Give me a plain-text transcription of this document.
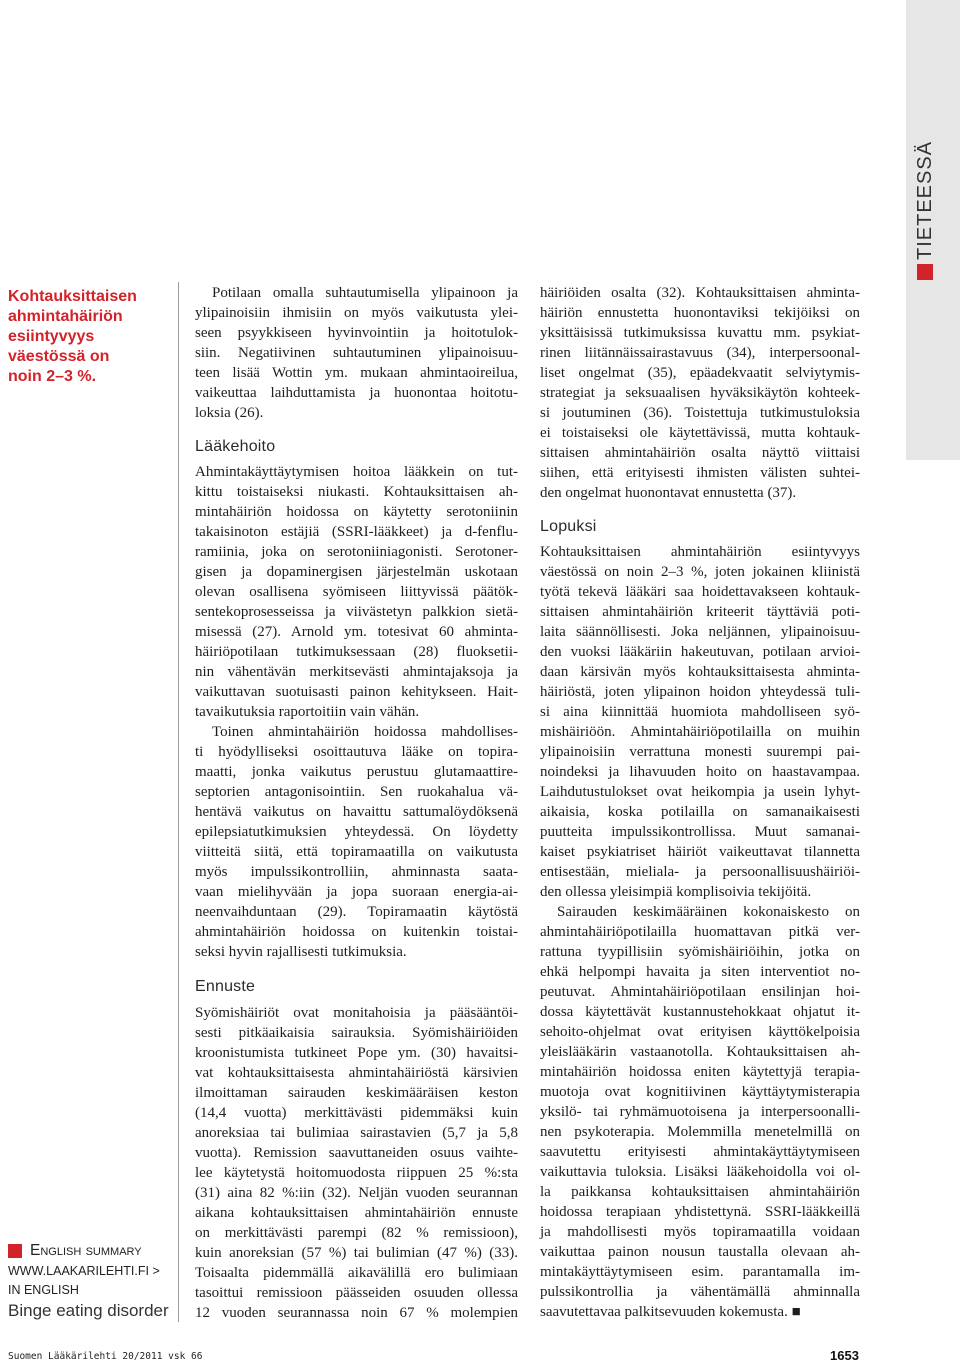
TIETEESSÄ
Kohtauksittaisen
ahmintahäiriön
esiintyvyys
väestössä on
noin 2–3 %.
Potilaan omalla suhtautumisella ylipainoon ja
ylipainoisiin ihmisiin on myös vaikutusta ylei-
seen psyykkiseen hyvinvointiin ja hoitotulok-
siin. Negatiivinen suhtautuminen ylipainoisuu-
teen lisää Wottin ym. mukaan ahmintaoireilua,
vaikeuttaa laihduttamista ja huonontaa hoitotu-
loksia (26).
Lääkehoito
Ahmintakäyttäytymisen hoitoa lääkkein on tut-
kittu toistaiseksi niukasti. Kohtauksittaisen ah-
mintahäiriön hoidossa on käytetty serotoniinin
takaisinoton estäjiä (SSRI-lääkkeet) ja d-fenflu-
ramiinia, joka on serotoniiniagonisti. Serotoner-
gisen ja dopaminergisen järjestelmän uskotaan
olevan osallisena syömiseen liittyvissä päätök-
sentekoprosesseissa ja viivästetyn palkkion sietä-
misessä (27). Arnold ym. totesivat 60 ahminta-
häiriöpotilaan tutkimuksessaan (28) fluoksetii-
nin vähentävän merkitsevästi ahmintajaksoja ja
vaikuttavan suotuisasti painon kehitykseen. Hait-
tavaikutuksia raportoitiin vain vähän.
Toinen ahmintahäiriön hoidossa mahdollises-
ti hyödylliseksi osoittautuva lääke on topira-
maatti, jonka vaikutus perustuu glutamaattire-
septorien antagonisointiin. Sen ruokahalua vä-
hentävä vaikutus on havaittu sattumalöydöksenä
epilepsiatutkimuksien yhteydessä. On löydetty
viitteitä siitä, että topiramaatilla on vaikutusta
myös impulssikontrolliin, ahminnasta saata-
vaan mielihyvään ja jopa suoraan energia-ai-
neenvaihduntaan (29). Topiramaatin käytöstä
ahmintahäiriön hoidossa on kuitenkin toistai-
seksi hyvin rajallisesti tutkimuksia.
Ennuste
Syömishäiriöt ovat monitahoisia ja pääsääntöi-
sesti pitkäaikaisia sairauksia. Syömishäiriöiden
kroonistumista tutkineet Pope ym. (30) havaitsi-
vat kohtauksittaisesta ahmintahäiriöstä kärsivien
ilmoittaman sairauden keskimääräisen keston
(14,4 vuotta) merkittävästi pidemmäksi kuin
anoreksiaa tai bulimiaa sairastavien (5,7 ja 5,8
vuotta). Remission saavuttaneiden osuus vaihte-
lee käytetystä hoitomuodosta riippuen 25 %:sta
(31) aina 82 %:iin (32). Neljän vuoden seurannan
aikana kohtauksittaisen ahmintahäiriön ennuste
on merkittävästi parempi (82 % remissioon),
kuin anoreksian (57 %) tai bulimian (47 %) (33).
Toisaalta pidemmällä aikavälillä ero bulimiaan
tasoittui remissioon päässeiden osuuden ollessa
12 vuoden seurannassa noin 67 % molempien
häiriöiden osalta (32). Kohtauksittaisen ahminta-
häiriön ennustetta huonontaviksi tekijöiksi on
yksittäisissä tutkimuksissa kuvattu mm. psykiat-
rinen liitännäissairastavuus (34), interpersoonal-
liset ongelmat (35), epäadekvaatit selviytymis-
strategiat ja seksuaalisen hyväksikäytön kohteek-
si joutuminen (36). Toistettuja tutkimustuloksia
ei toistaiseksi ole käytettävissä, mutta kohtauk-
sittaisen ahmintahäiriön osalta näyttö viittaisi
siihen, että erityisesti ihmisten välisten suhtei-
den ongelmat huonontavat ennustetta (37).
Lopuksi
Kohtauksittaisen ahmintahäiriön esiintyvyys
väestössä on noin 2–3 %, joten jokainen kliinistä
työtä tekevä lääkäri saa hoidettavakseen kohtauk-
sittaisen ahmintahäiriön kriteerit täyttäviä poti-
laita säännöllisesti. Joka neljännen, ylipainoisuu-
den vuoksi lääkäriin hakeutuvan, potilaan arvioi-
daan kärsivän myös kohtauksittaisesta ahminta-
häiriöstä, joten ylipainon hoidon yhteydessä tuli-
si aina kiinnittää huomiota mahdolliseen syö-
mishäiriöön. Ahmintahäiriöpotilailla on muihin
ylipainoisiin verrattuna monesti suurempi pai-
noindeksi ja lihavuuden hoito on haastavampaa.
Laihdutustulokset ovat heikompia ja usein lyhyt-
aikaisia, koska potilailla on samanaikaisesti
puutteita impulssikontrollissa. Muut samanai-
kaiset psykiatriset häiriöt vaikeuttavat tilannetta
entisestään, mieliala- ja persoonallisuushäiriöi-
den ollessa yleisimpiä komplisoivia tekijöitä.
Sairauden keskimääräinen kokonaiskesto on
ahmintahäiriöpotilailla huomattavan pitkä ver-
rattuna tyypillisiin syömishäiriöihin, jotka on
ehkä helpompi havaita ja siten interventiot no-
peutuvat. Ahmintahäiriöpotilaan ensilinjan hoi-
dossa käytettävät kustannustehokkaat ohjatut it-
sehoito-ohjelmat ovat erityisen käyttökelpoisia
yleislääkärin vastaanotolla. Kohtauksittaisen ah-
mintahäiriön hoidossa eniten käytettyjä terapia-
muotoja ovat kognitiivinen käyttäytymisterapia
yksilö- tai ryhmämuotoisena ja interpersoonalli-
nen psykoterapia. Molemmilla menetelmillä on
saavutettu erityisesti ahmintakäyttäytymiseen
vaikuttavia tuloksia. Lisäksi lääkehoidolla voi ol-
la paikkansa kohtauksittaisen ahmintahäiriön
hoidossa terapiaan yhdistettynä. SSRI-lääkkeillä
ja mahdollisesti myös topiramaatilla voidaan
vaikuttaa painon nousun taustalla olevaan ah-
mintakäyttäytymiseen esim. parantamalla im-
pulssikontrollia ja vähentämällä ahminnalla
saavutettavaa palkitsevuuden kokemusta. ■
English summary
WWW.LAAKARILEHTI.FI >
IN ENGLISH
Binge eating disorder
Suomen Lääkärilehti 20/2011 vsk 66	1653
